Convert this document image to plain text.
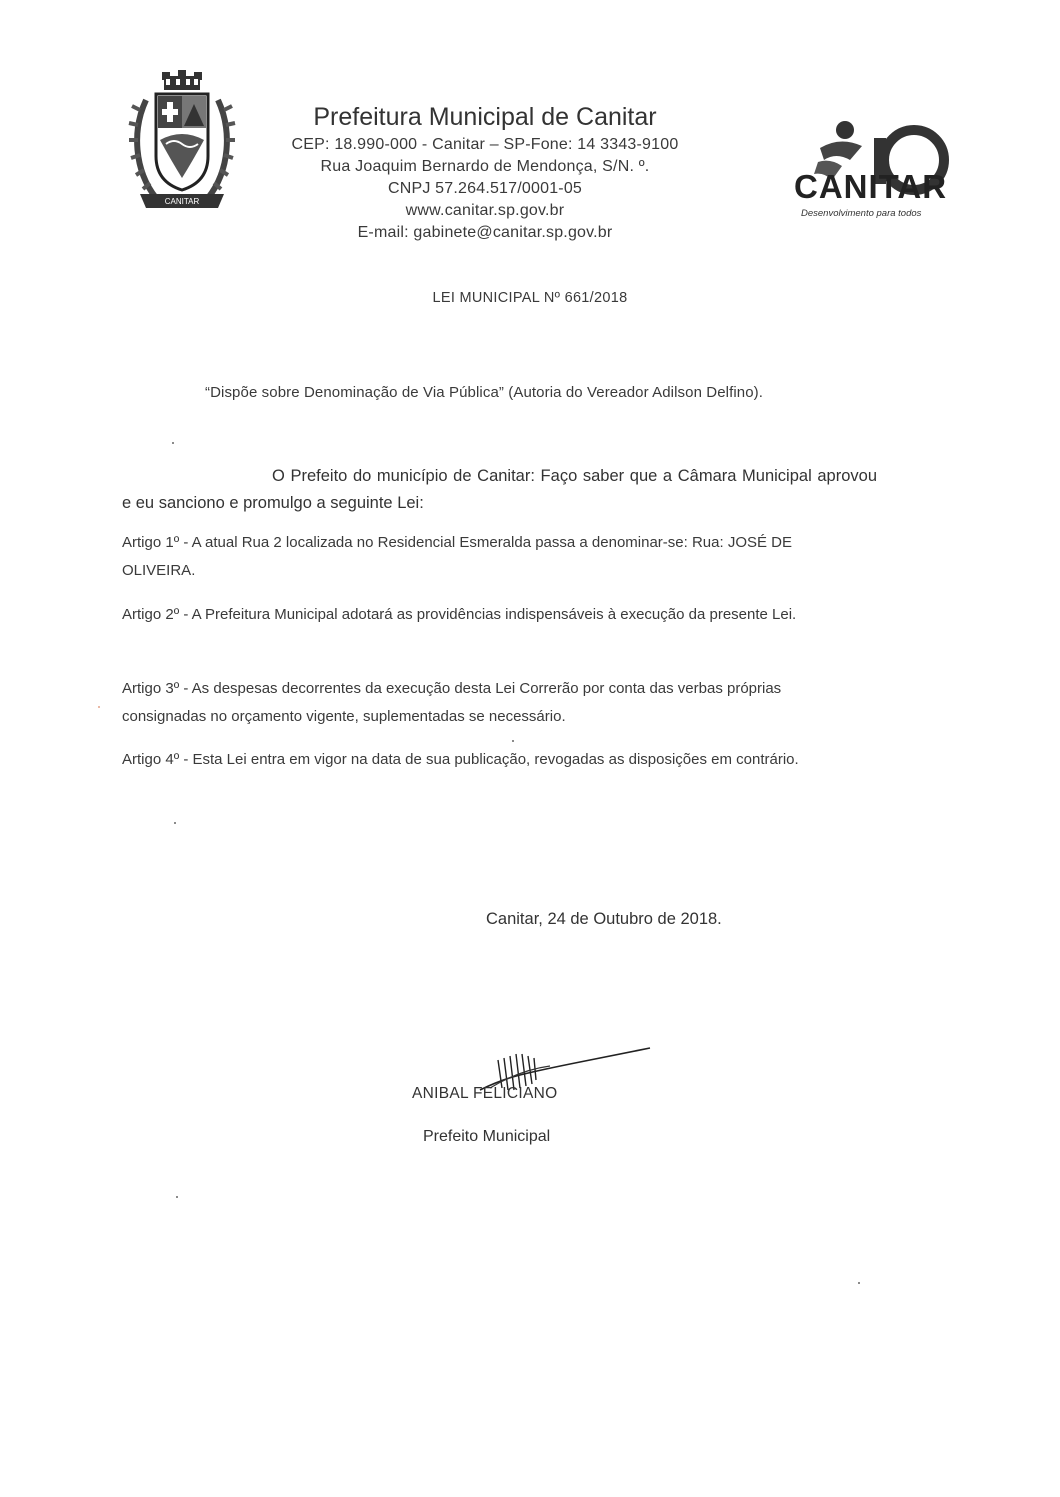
CANITAR

Prefeitura Municipal de Canitar

CEP: 18.990-000 - Canitar – SP-Fone: 14 3343-9100

Rua Joaquim Bernardo de Mendonça, S/N. º.

CNPJ 57.264.517/0001-05

www.canitar.sp.gov.br

E-mail: gabinete@canitar.sp.gov.br

CANITAR
Desenvolvimento para todos
LEI MUNICIPAL Nº 661/2018
“Dispõe sobre Denominação de Via Pública” (Autoria do Vereador Adilson Delfino).
O Prefeito do município de Canitar: Faço saber que a Câmara Municipal aprovou e eu sanciono e promulgo a seguinte Lei:
Artigo 1º - A atual Rua 2 localizada no Residencial Esmeralda passa a denominar-se: Rua: JOSÉ DE OLIVEIRA.
Artigo 2º - A Prefeitura Municipal adotará as providências indispensáveis à execução da presente Lei.
Artigo 3º - As despesas decorrentes da execução desta Lei Correrão por conta das verbas próprias consignadas no orçamento vigente, suplementadas se necessário.
Artigo 4º - Esta Lei entra em vigor na data de sua publicação, revogadas as disposições em contrário.
Canitar, 24 de Outubro de 2018.
ANIBAL FELICIANO
Prefeito Municipal
